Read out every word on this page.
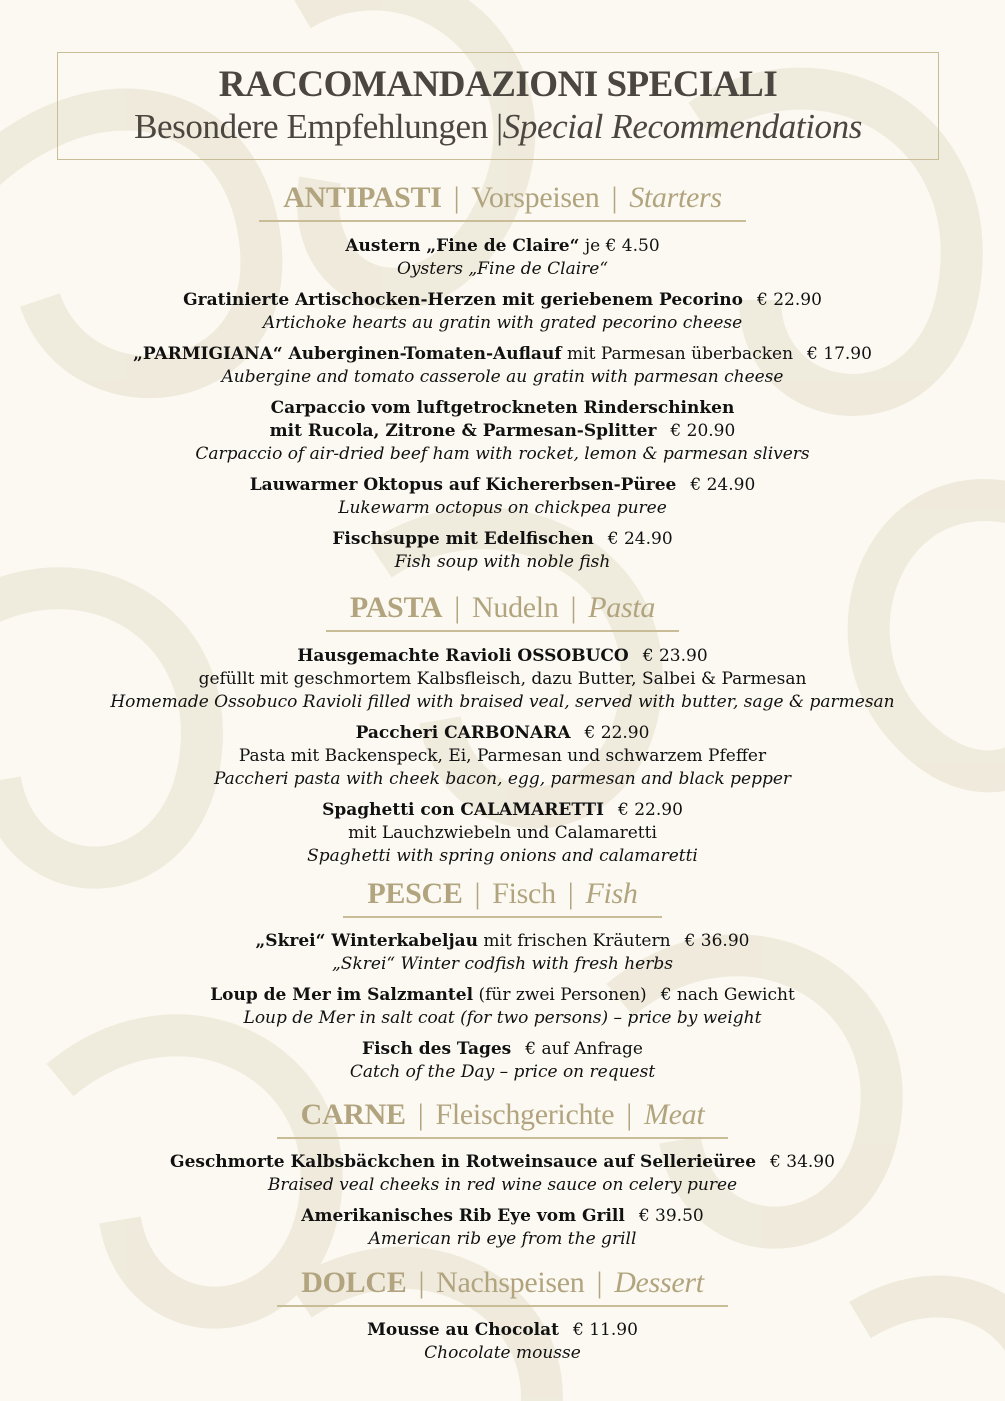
RACCOMANDAZIONI SPECIALI
Besondere Empfehlungen |Special Recommendations
ANTIPASTI | Vorspeisen | Starters
Austern „Fine de Claire“ je € 4.50
Oysters „Fine de Claire“
Gratinierte Artischocken-Herzen mit geriebenem Pecorino € 22.90
Artichoke hearts au gratin with grated pecorino cheese
„PARMIGIANA“ Auberginen-Tomaten-Auflauf mit Parmesan überbacken € 17.90
Aubergine and tomato casserole au gratin with parmesan cheese
Carpaccio vom luftgetrockneten Rinderschinken
mit Rucola, Zitrone & Parmesan-Splitter € 20.90
Carpaccio of air-dried beef ham with rocket, lemon & parmesan slivers
Lauwarmer Oktopus auf Kichererbsen-Püree € 24.90
Lukewarm octopus on chickpea puree
Fischsuppe mit Edelfischen € 24.90
Fish soup with noble fish
PASTA | Nudeln | Pasta
Hausgemachte Ravioli OSSOBUCO € 23.90
gefüllt mit geschmortem Kalbsfleisch, dazu Butter, Salbei & Parmesan
Homemade Ossobuco Ravioli filled with braised veal, served with butter, sage & parmesan
Paccheri CARBONARA € 22.90
Pasta mit Backenspeck, Ei, Parmesan und schwarzem Pfeffer
Paccheri pasta with cheek bacon, egg, parmesan and black pepper
Spaghetti con CALAMARETTI € 22.90
mit Lauchzwiebeln und Calamaretti
Spaghetti with spring onions and calamaretti
PESCE | Fisch | Fish
„Skrei“ Winterkabeljau mit frischen Kräutern € 36.90
„Skrei“ Winter codfish with fresh herbs
Loup de Mer im Salzmantel (für zwei Personen) € nach Gewicht
Loup de Mer in salt coat (for two persons) – price by weight
Fisch des Tages € auf Anfrage
Catch of the Day – price on request
CARNE | Fleischgerichte | Meat
Geschmorte Kalbsbäckchen in Rotweinsauce auf Sellerieüree € 34.90
Braised veal cheeks in red wine sauce on celery puree
Amerikanisches Rib Eye vom Grill € 39.50
American rib eye from the grill
DOLCE | Nachspeisen | Dessert
Mousse au Chocolat € 11.90
Chocolate mousse
